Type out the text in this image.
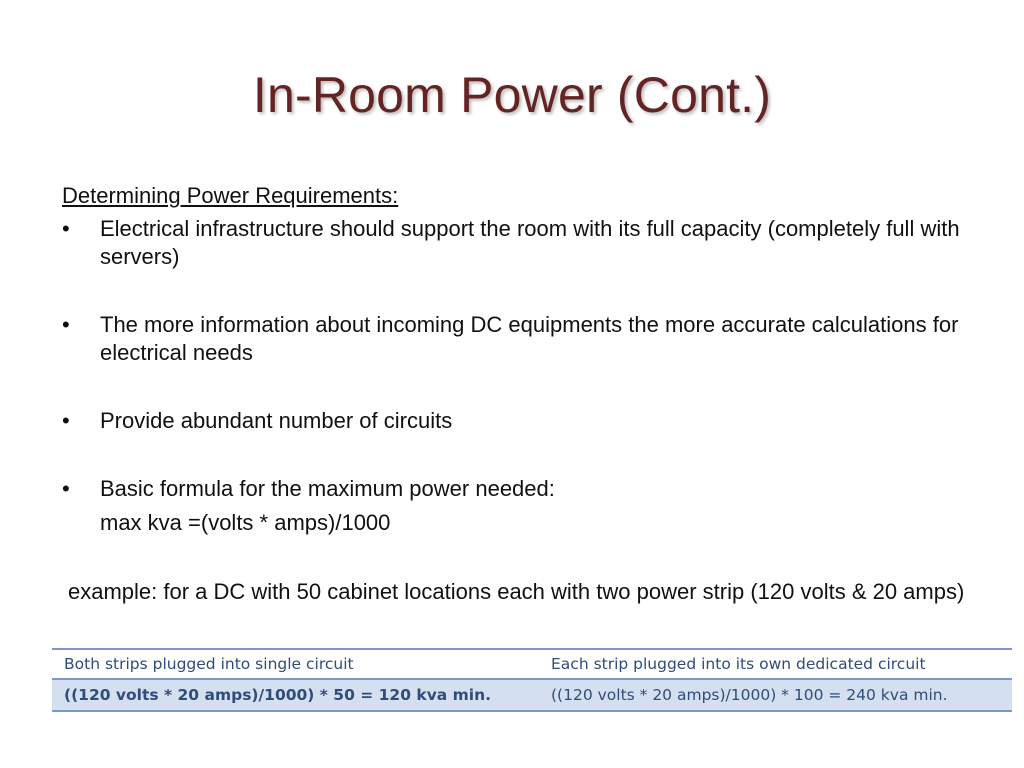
In-Room Power (Cont.)
Determining Power Requirements:
• Electrical infrastructure should support the room with its full capacity (completely full with servers)
• The more information about incoming DC equipments the more accurate calculations for electrical needs
• Provide abundant number of circuits
• Basic formula for the maximum power needed:
max kva =(volts * amps)/1000
example: for a DC with 50 cabinet locations each with two power strip (120 volts & 20 amps)
Both strips plugged into single circuit	Each strip plugged into its own dedicated circuit
((120 volts * 20 amps)/1000) * 50 = 120 kva min.	((120 volts * 20 amps)/1000) * 100 = 240 kva min.
